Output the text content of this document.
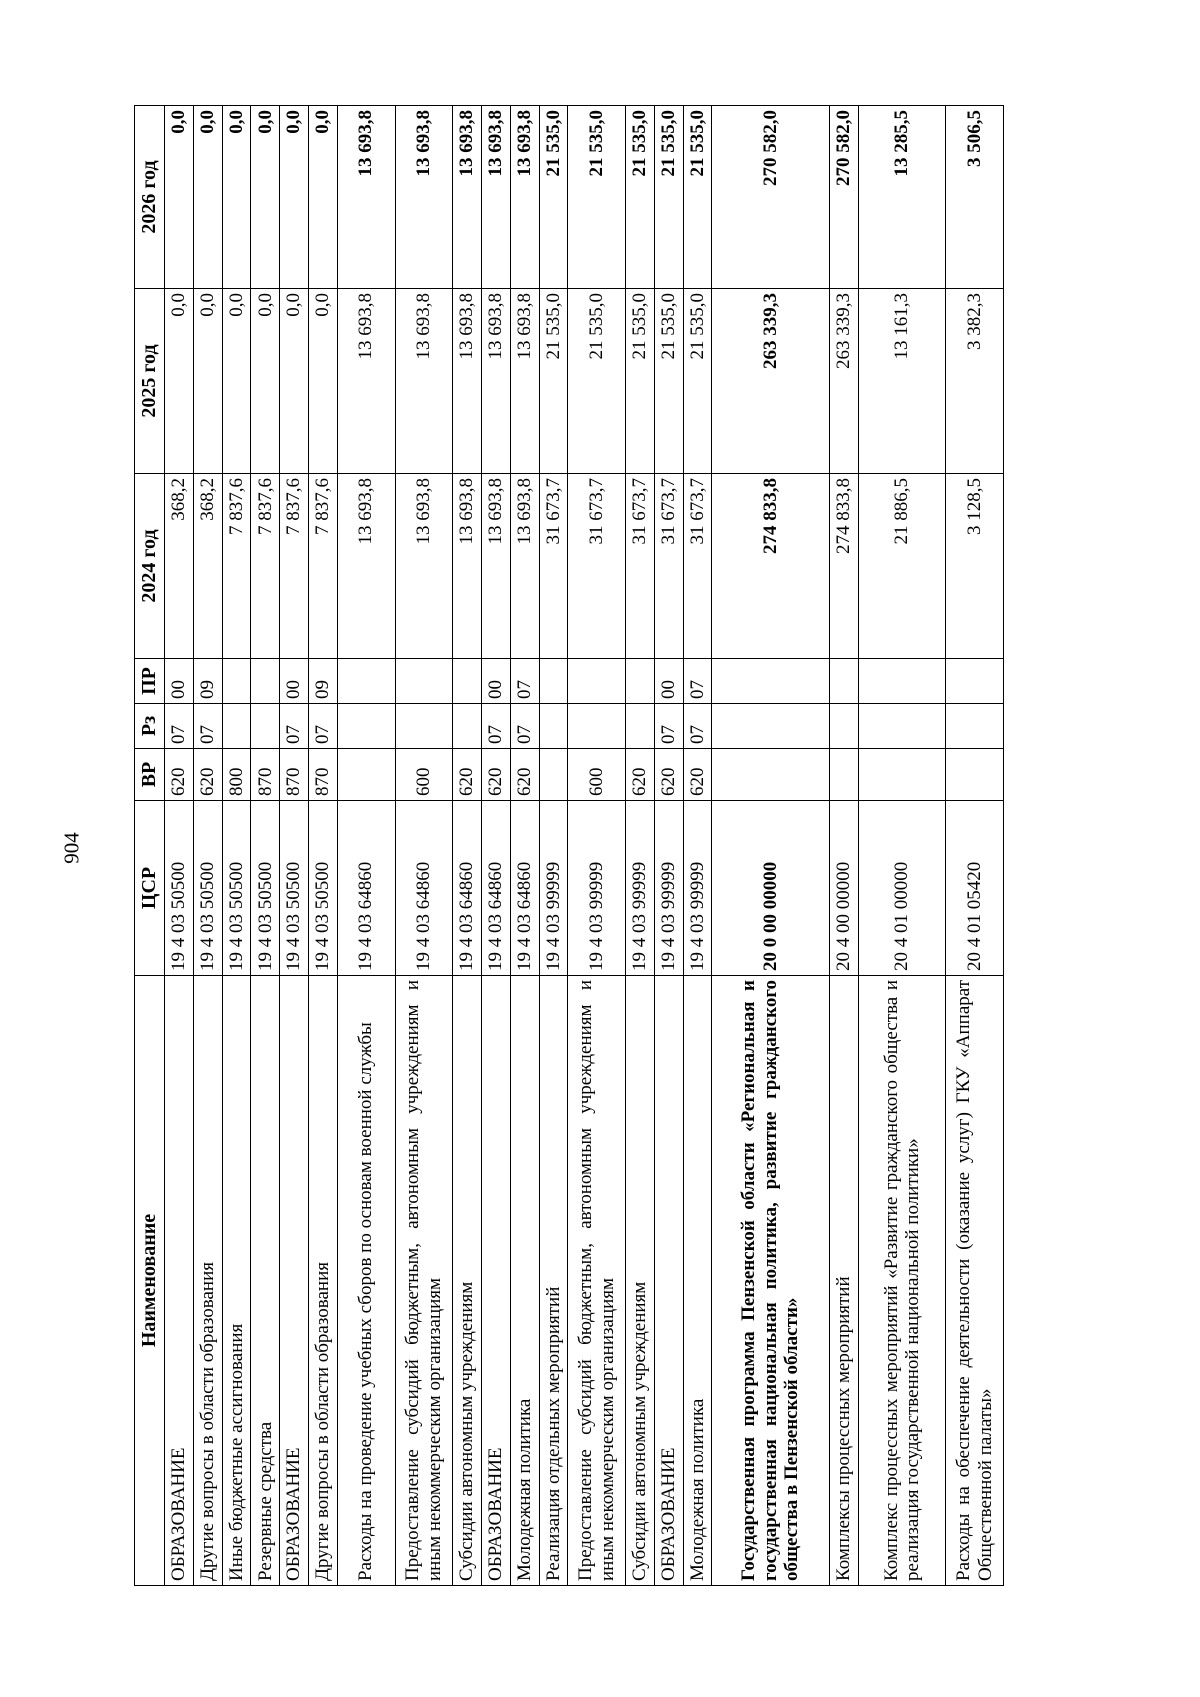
904
Наименование	ЦСР	ВР	Рз	ПР	2024 год	2025 год	2026 год
ОБРАЗОВАНИЕ	19 4 03 50500	620	07	00	368,2	0,0	0,0
Другие вопросы в области образования	19 4 03 50500	620	07	09	368,2	0,0	0,0
Иные бюджетные ассигнования	19 4 03 50500	800			7 837,6	0,0	0,0
Резервные средства	19 4 03 50500	870			7 837,6	0,0	0,0
ОБРАЗОВАНИЕ	19 4 03 50500	870	07	00	7 837,6	0,0	0,0
Другие вопросы в области образования	19 4 03 50500	870	07	09	7 837,6	0,0	0,0
Расходы на проведение учебных сборов по основам военной службы	19 4 03 64860				13 693,8	13 693,8	13 693,8
Предоставление субсидий бюджетным, автономным учреждениям и иным некоммерческим организациям	19 4 03 64860	600			13 693,8	13 693,8	13 693,8
Субсидии автономным учреждениям	19 4 03 64860	620			13 693,8	13 693,8	13 693,8
ОБРАЗОВАНИЕ	19 4 03 64860	620	07	00	13 693,8	13 693,8	13 693,8
Молодежная политика	19 4 03 64860	620	07	07	13 693,8	13 693,8	13 693,8
Реализация отдельных мероприятий	19 4 03 99999				31 673,7	21 535,0	21 535,0
Предоставление субсидий бюджетным, автономным учреждениям и иным некоммерческим организациям	19 4 03 99999	600			31 673,7	21 535,0	21 535,0
Субсидии автономным учреждениям	19 4 03 99999	620			31 673,7	21 535,0	21 535,0
ОБРАЗОВАНИЕ	19 4 03 99999	620	07	00	31 673,7	21 535,0	21 535,0
Молодежная политика	19 4 03 99999	620	07	07	31 673,7	21 535,0	21 535,0
Государственная программа Пензенской области «Региональная и государственная национальная политика, развитие гражданского общества в Пензенской области»	20 0 00 00000				274 833,8	263 339,3	270 582,0
Комплексы процессных мероприятий	20 4 00 00000				274 833,8	263 339,3	270 582,0
Комплекс процессных мероприятий «Развитие гражданского общества и реализация государственной национальной политики»	20 4 01 00000				21 886,5	13 161,3	13 285,5
Расходы на обеспечение деятельности (оказание услуг) ГКУ «Аппарат Общественной палаты»	20 4 01 05420				3 128,5	3 382,3	3 506,5
